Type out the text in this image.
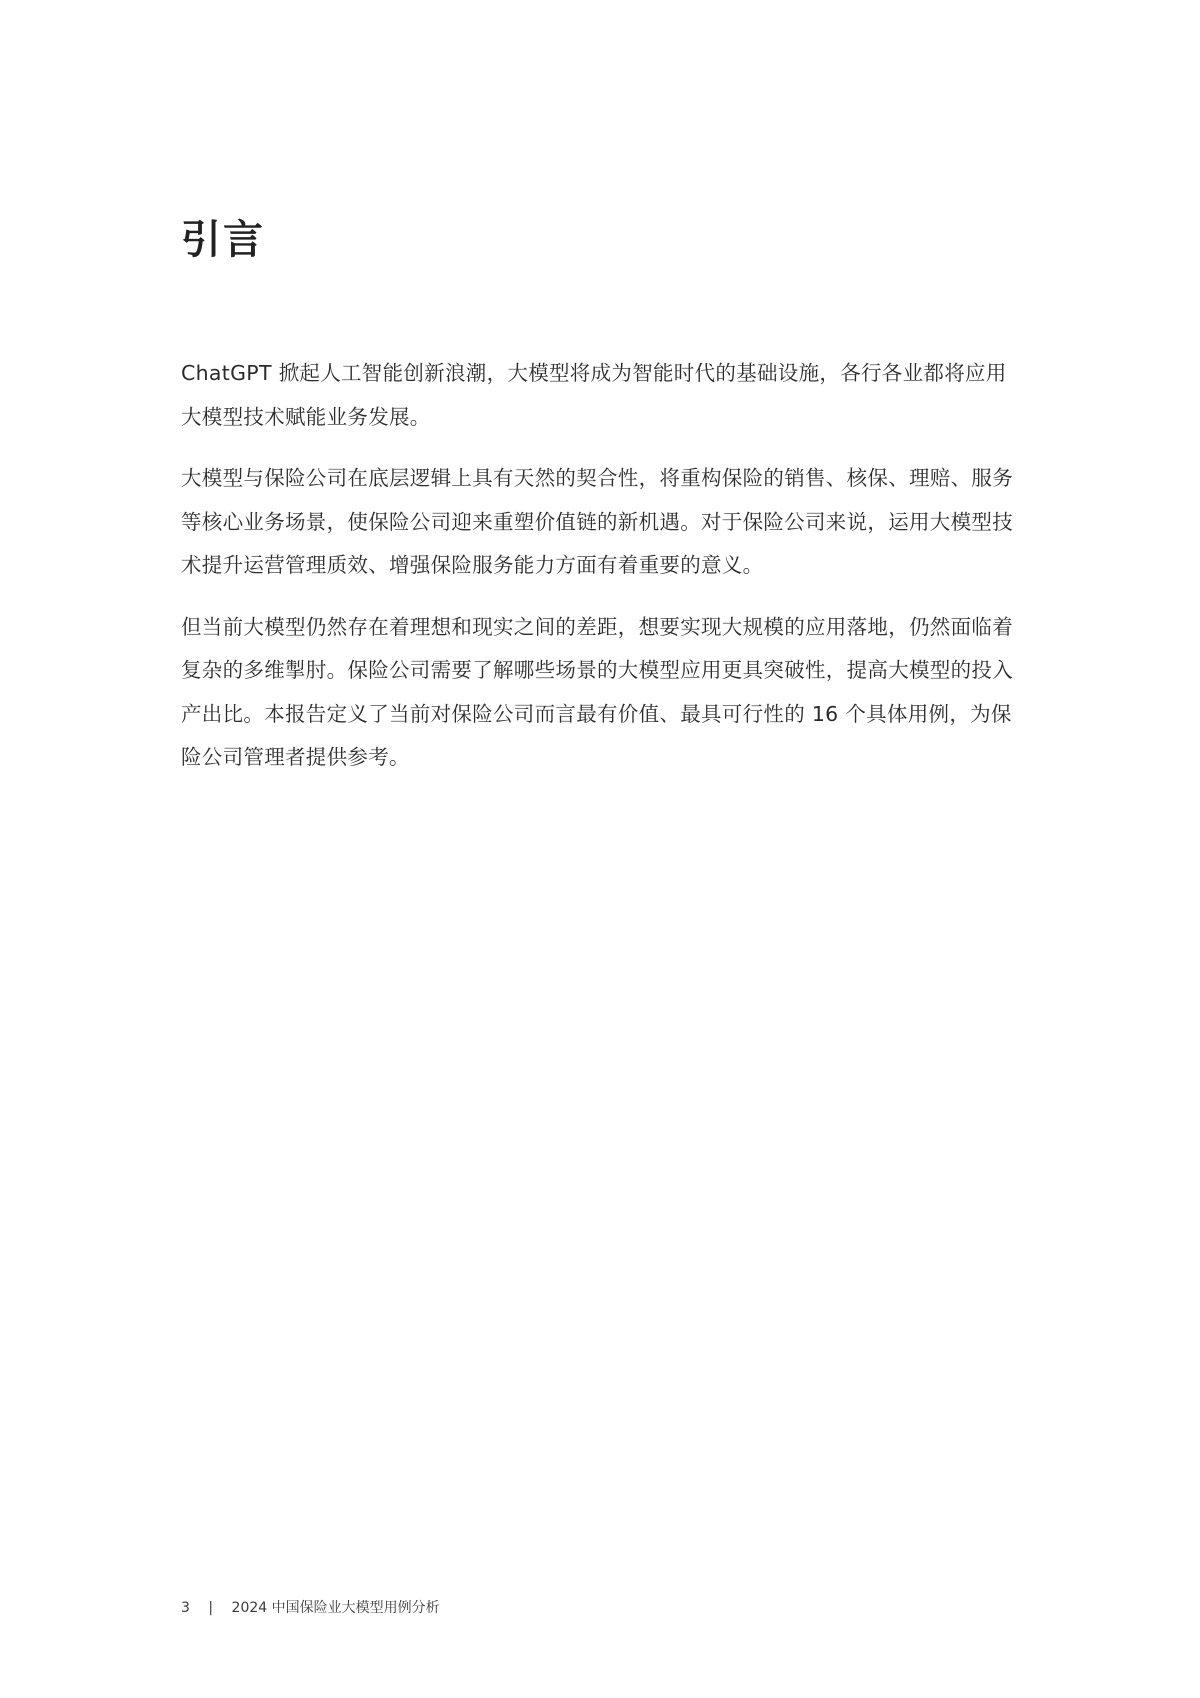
引言

ChatGPT 掀起人工智能创新浪潮，大模型将成为智能时代的基础设施，各行各业都将应用大模型技术赋能业务发展。

大模型与保险公司在底层逻辑上具有天然的契合性，将重构保险的销售、核保、理赔、服务等核心业务场景，使保险公司迎来重塑价值链的新机遇。对于保险公司来说，运用大模型技术提升运营管理质效、增强保险服务能力方面有着重要的意义。

但当前大模型仍然存在着理想和现实之间的差距，想要实现大规模的应用落地，仍然面临着复杂的多维掣肘。保险公司需要了解哪些场景的大模型应用更具突破性，提高大模型的投入产出比。本报告定义了当前对保险公司而言最有价值、最具可行性的 16 个具体用例，为保险公司管理者提供参考。

3 | 2024 中国保险业大模型用例分析
